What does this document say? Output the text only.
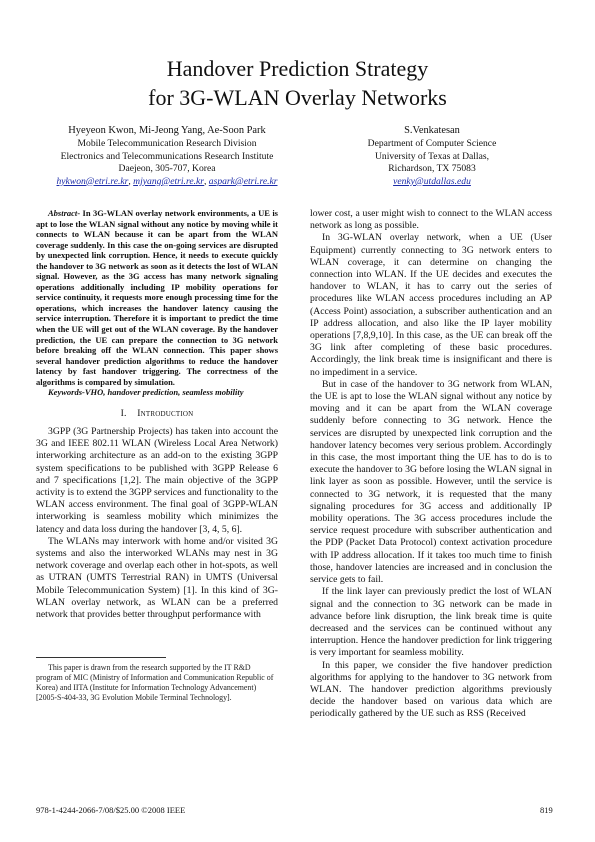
Handover Prediction Strategy
for 3G-WLAN Overlay Networks
Hyeyeon Kwon, Mi-Jeong Yang, Ae-Soon Park
Mobile Telecommunication Research Division
Electronics and Telecommunications Research Institute
Daejeon, 305-707, Korea
hykwon@etri.re.kr, mjyang@etri.re.kr, aspark@etri.re.kr
S.Venkatesan
Department of Computer Science
University of Texas at Dallas,
Richardson, TX 75083
venky@utdallas.edu

Abstract- In 3G-WLAN overlay network environments, a UE is apt to lose the WLAN signal without any notice by moving while it connects to WLAN because it can be apart from the WLAN coverage suddenly. In this case the on-going services are disrupted by unexpected link corruption. Hence, it needs to execute quickly the handover to 3G network as soon as it detects the lost of WLAN signal. However, as the 3G access has many network signaling operations additionally including IP mobility operations for service continuity, it requests more enough processing time for the operations, which increases the handover latency causing the service interruption. Therefore it is important to predict the time when the UE will get out of the WLAN coverage. By the handover prediction, the UE can prepare the connection to 3G network before breaking off the WLAN connection. This paper shows several handover prediction algorithms to reduce the handover latency by fast handover triggering. The correctness of the algorithms is compared by simulation.

Keywords-VHO, handover prediction, seamless mobility

I. Introduction

3GPP (3G Partnership Projects) has taken into account the 3G and IEEE 802.11 WLAN (Wireless Local Area Network) interworking architecture as an add-on to the existing 3GPP system specifications to be published with 3GPP Release 6 and 7 specifications [1,2]. The main objective of the 3GPP activity is to extend the 3GPP services and functionality to the WLAN access environment. The final goal of 3GPP-WLAN interworking is seamless mobility which minimizes the latency and data loss during the handover [3, 4, 5, 6].

The WLANs may interwork with home and/or visited 3G systems and also the interworked WLANs may nest in 3G network coverage and overlap each other in hot-spots, as well as UTRAN (UMTS Terrestrial RAN) in UMTS (Universal Mobile Telecommunication System) [1]. In this kind of 3G-WLAN overlay network, as WLAN can be a preferred network that provides better throughput performance with

This paper is drawn from the research supported by the IT R&D program of MIC (Ministry of Information and Communication Republic of Korea) and IITA (Institute for Information Technology Advancement) [2005-S-404-33, 3G Evolution Mobile Terminal Technology].

lower cost, a user might wish to connect to the WLAN access network as long as possible.

In 3G-WLAN overlay network, when a UE (User Equipment) currently connecting to 3G network enters to WLAN coverage, it can determine on changing the connection into WLAN. If the UE decides and executes the handover to WLAN, it has to carry out the series of procedures like WLAN access procedures including an AP (Access Point) association, a subscriber authentication and an IP address allocation, and also like the IP layer mobility operations [7,8,9,10]. In this case, as the UE can break off the 3G link after completing of these basic procedures. Accordingly, the link break time is insignificant and there is no impediment in a service.

But in case of the handover to 3G network from WLAN, the UE is apt to lose the WLAN signal without any notice by moving and it can be apart from the WLAN coverage suddenly before connecting to 3G network. Hence the services are disrupted by unexpected link corruption and the handover latency becomes very serious problem. Accordingly in this case, the most important thing the UE has to do is to execute the handover to 3G before losing the WLAN signal in link layer as soon as possible. However, until the service is connected to 3G network, it is requested that the many signaling procedures for 3G access and additionally IP mobility operations. The 3G access procedures include the service request procedure with subscriber authentication and the PDP (Packet Data Protocol) context activation procedure with IP address allocation. If it takes too much time to finish those, handover latencies are increased and in conclusion the service gets to fail.

If the link layer can previously predict the lost of WLAN signal and the connection to 3G network can be made in advance before link disruption, the link break time is quite decreased and the services can be continued without any interruption. Hence the handover prediction for link triggering is very important for seamless mobility.

In this paper, we consider the five handover prediction algorithms for applying to the handover to 3G network from WLAN. The handover prediction algorithms previously decide the handover based on various data which are periodically gathered by the UE such as RSS (Received

978-1-4244-2066-7/08/$25.00 ©2008 IEEE	819
